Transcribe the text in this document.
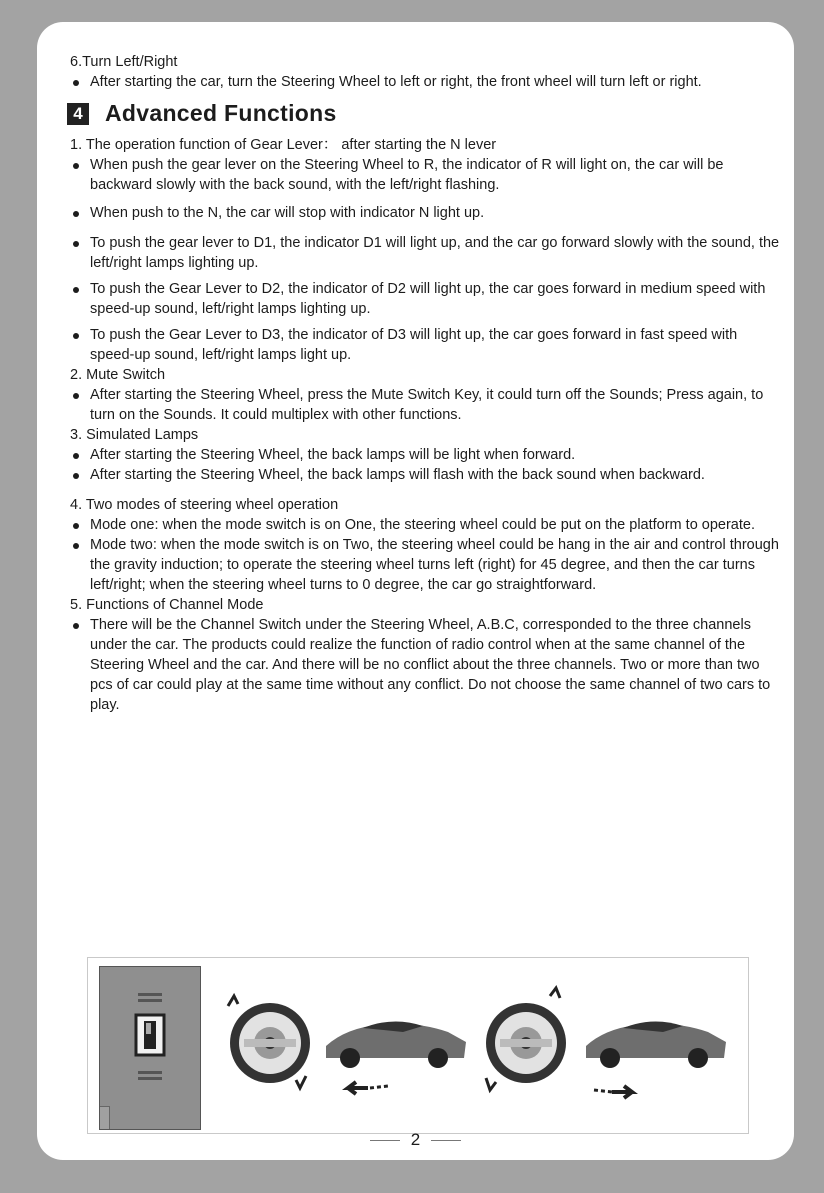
6.Turn Left/Right
After starting the car, turn the Steering Wheel to left or right, the front wheel will turn left or right.
4 Advanced Functions
1. The operation function of Gear Lever： after starting the N lever
When push the gear lever on the Steering Wheel to R, the indicator of R will light on, the car will be backward slowly with the back sound, with the left/right flashing.
When push to the N, the car will stop with indicator N light up.
To push the gear lever to D1, the indicator D1 will light up, and the car go forward slowly with the sound, the left/right lamps lighting up.
To push the Gear Lever to D2, the indicator of D2 will light up, the car goes forward in medium speed with speed-up sound, left/right lamps lighting up.
To push the Gear Lever to D3, the indicator of D3 will light up, the car goes forward in fast speed with speed-up sound, left/right lamps light up.
2. Mute Switch
After starting the Steering Wheel, press the Mute Switch Key, it could turn off the Sounds; Press again, to turn on the Sounds. It could multiplex with other functions.
3. Simulated Lamps
After starting the Steering Wheel, the back lamps will be light when forward.
After starting the Steering Wheel, the back lamps will flash with the back sound when backward.
4. Two modes of steering wheel operation
Mode one: when the mode switch is on One, the steering wheel could be put on the platform to operate.
Mode two: when the mode switch is on Two, the steering wheel could be hang in the air and control through the gravity induction; to operate the steering wheel turns left (right) for 45 degree, and then the car turns left/right; when the steering wheel turns to 0 degree, the car go straightforward.
5. Functions of Channel Mode
There will be the Channel Switch under the Steering Wheel, A.B.C, corresponded to the three channels under the car. The products could realize the function of radio control when at the same channel of the Steering Wheel and the car. And there will be no conflict about the three channels. Two or more than two pcs of car could play at the same time without any conflict. Do not choose the same channel of two cars to play.
2
